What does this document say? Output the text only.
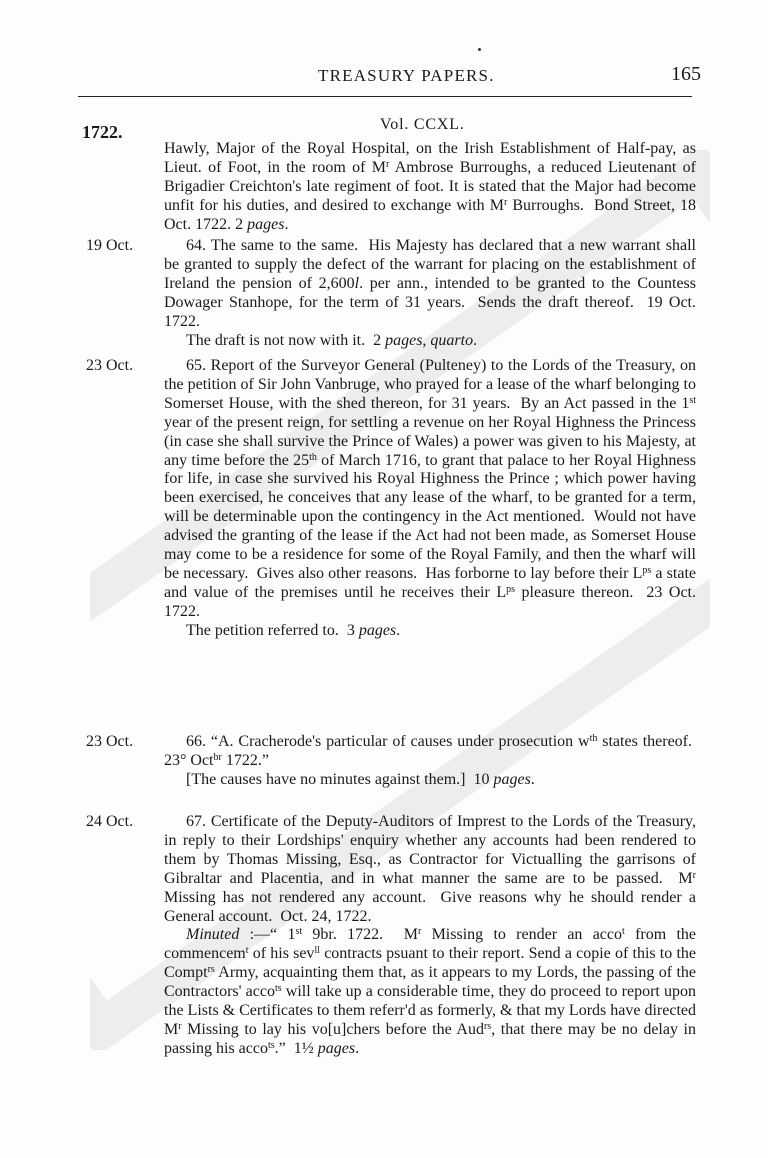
TREASURY PAPERS.	165
1722.	Vol. CCXL.

Hawly, Major of the Royal Hospital, on the Irish Establishment of Half-pay, as Lieut. of Foot, in the room of $M^r$ Ambrose Burroughs, a reduced Lieutenant of Brigadier Creichton's late regiment of foot. It is stated that the Major had become unfit for his duties, and desired to exchange with $M^r$ Burroughs.  Bond Street, 18 Oct. 1722. 2 pages.

19 Oct.	64. The same to the same.  His Majesty has declared that a new warrant shall be granted to supply the defect of the warrant for placing on the establishment of Ireland the pension of 2,600l. per ann., intended to be granted to the Countess Dowager Stanhope, for the term of 31 years.  Sends the draft thereof.  19 Oct. 1722.

The draft is not now with it.  2 pages, quarto.

23 Oct.	65. Report of the Surveyor General (Pulteney) to the Lords of the Treasury, on the petition of Sir John Vanbruge, who prayed for a lease of the wharf belonging to Somerset House, with the shed thereon, for 31 years.  By an Act passed in the 1st year of the present reign, for settling a revenue on her Royal Highness the Princess (in case she shall survive the Prince of Wales) a power was given to his Majesty, at any time before the 25th of March 1716, to grant that palace to her Royal Highness for life, in case she survived his Royal Highness the Prince ; which power having been exercised, he conceives that any lease of the wharf, to be granted for a term, will be determinable upon the contingency in the Act mentioned.  Would not have advised the granting of the lease if the Act had not been made, as Somerset House may come to be a residence for some of the Royal Family, and then the wharf will be necessary.  Gives also other reasons.  Has forborne to lay before their $L^{ps}$ a state and value of the premises until he receives their $L^{ps}$ pleasure thereon.  23 Oct. 1722.

The petition referred to.  3 pages.

23 Oct.	66. “A. Cracherode's particular of causes under prosecution $w^{th}$ states thereof.  23° Oct$^{br}$ 1722.”

[The causes have no minutes against them.]  10 pages.

24 Oct.	67. Certificate of the Deputy-Auditors of Imprest to the Lords of the Treasury, in reply to their Lordships' enquiry whether any accounts had been rendered to them by Thomas Missing, Esq., as Contractor for Victualling the garrisons of Gibraltar and Placentia, and in what manner the same are to be passed.  $M^r$ Missing has not rendered any account.  Give reasons why he should render a General account.  Oct. 24, 1722.

Minuted :—“ 1st 9br. 1722.  $M^r$ Missing to render an acco$^t$ from the commencem$^t$ of his sev$^{ll}$ contracts psuant to their report. Send a copie of this to the Compt$^{rs}$ Army, acquainting them that, as it appears to my Lords, the passing of the Contractors' acco$^{ts}$ will take up a considerable time, they do proceed to report upon the Lists & Certificates to them referr'd as formerly, & that my Lords have directed $M^r$ Missing to lay his vo[u]chers before the Aud$^{rs}$, that there may be no delay in passing his acco$^{ts}$.”  1½ pages.
